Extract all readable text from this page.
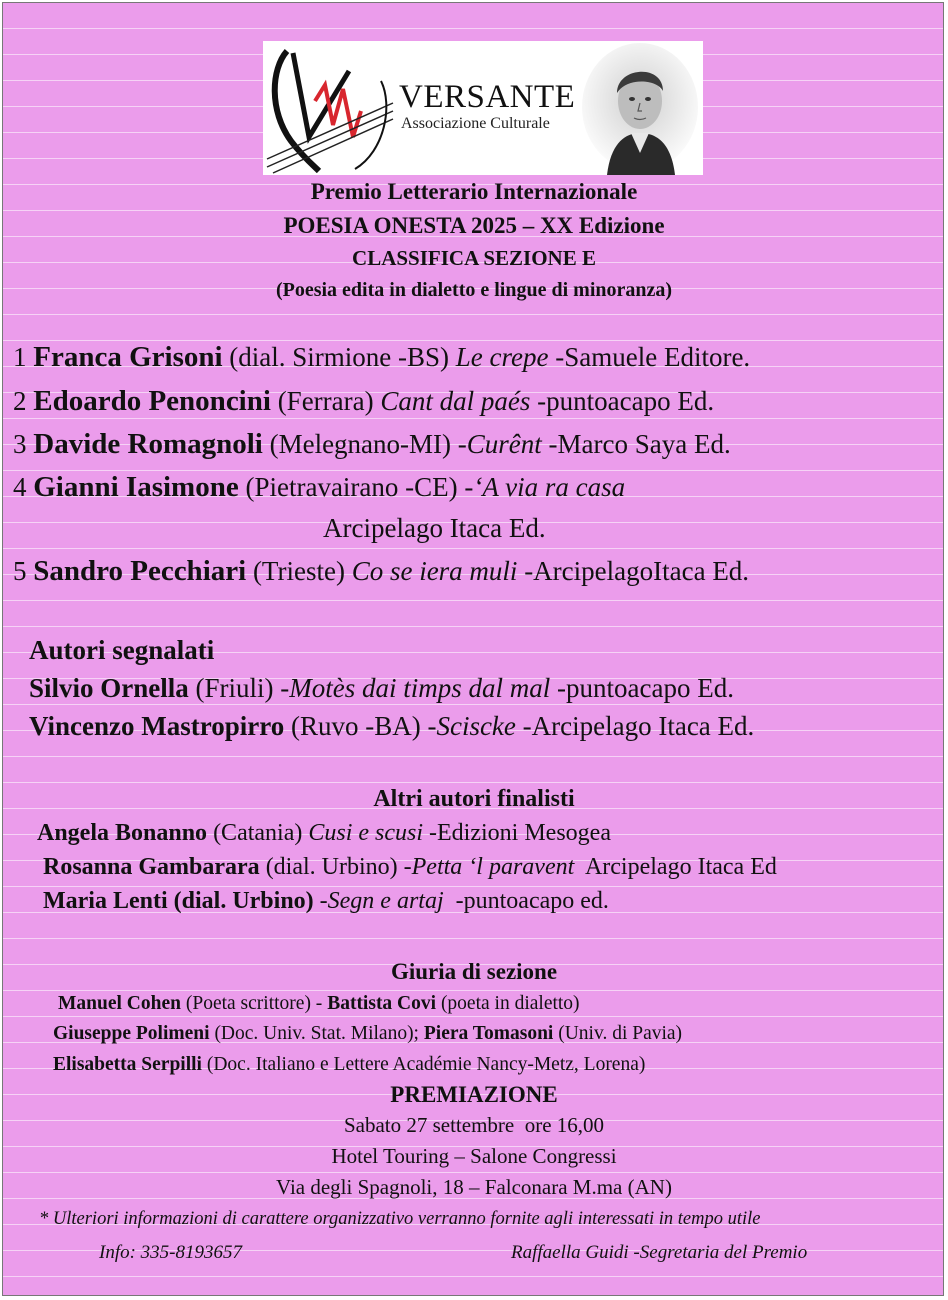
VERSANTE
Associazione Culturale
Premio Letterario Internazionale
POESIA ONESTA 2025 – XX Edizione
CLASSIFICA SEZIONE E
(Poesia edita in dialetto e lingue di minoranza)
1 Franca Grisoni (dial. Sirmione -BS) Le crepe -Samuele Editore.
2 Edoardo Penoncini (Ferrara) Cant dal paés -puntoacapo Ed.
3 Davide Romagnoli (Melegnano-MI) -Curênt -Marco Saya Ed.
4 Gianni Iasimone (Pietravairano -CE) -‘A via ra casa
Arcipelago Itaca Ed.
5 Sandro Pecchiari (Trieste) Co se iera muli -ArcipelagoItaca Ed.
Autori segnalati
Silvio Ornella (Friuli) -Motès dai timps dal mal -puntoacapo Ed.
Vincenzo Mastropirro (Ruvo -BA) -Sciscke -Arcipelago Itaca Ed.
Altri autori finalisti
Angela Bonanno (Catania) Cusi e scusi -Edizioni Mesogea
Rosanna Gambarara (dial. Urbino) -Petta ‘l paravent  Arcipelago Itaca Ed
Maria Lenti (dial. Urbino) -Segn e artaj  -puntoacapo ed.
Giuria di sezione
Manuel Cohen (Poeta scrittore) - Battista Covi (poeta in dialetto)
Giuseppe Polimeni (Doc. Univ. Stat. Milano); Piera Tomasoni (Univ. di Pavia)
Elisabetta Serpilli (Doc. Italiano e Lettere Académie Nancy-Metz, Lorena)
PREMIAZIONE
Sabato 27 settembre  ore 16,00
Hotel Touring – Salone Congressi
Via degli Spagnoli, 18 – Falconara M.ma (AN)
* Ulteriori informazioni di carattere organizzativo verranno fornite agli interessati in tempo utile
Info: 335-8193657	Raffaella Guidi -Segretaria del Premio
